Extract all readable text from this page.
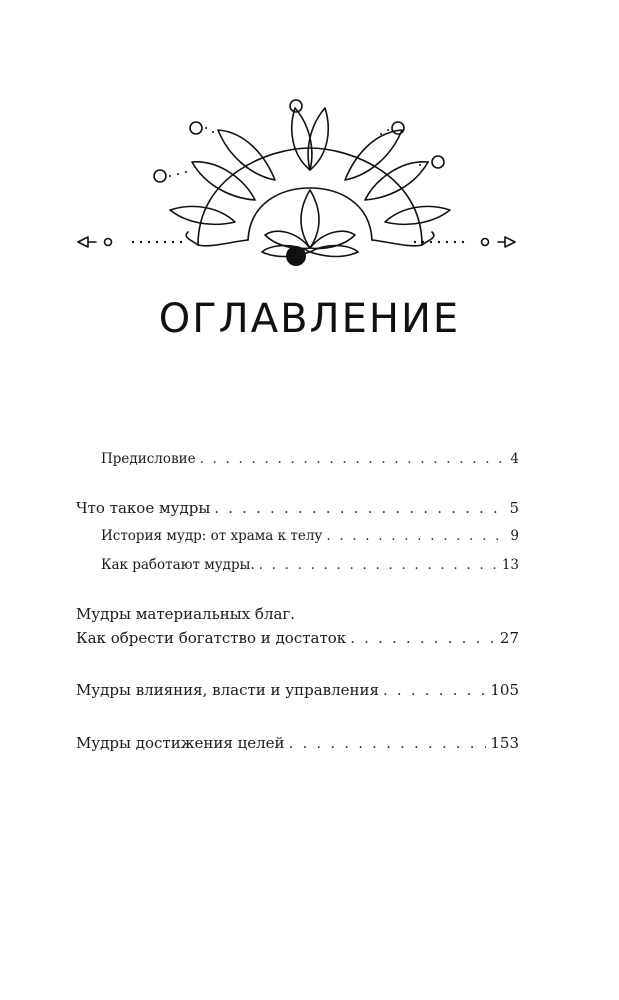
ОГЛАВЛЕНИЕ
Предисловие . . .	4
Что такое мудры . . .	5
История мудр: от храма к телу . . .	9
Как работают мудры. . . .	13
Мудры материальных благ.
Как обрести богатство и достаток . . .	27
Мудры влияния, власти и управления . . .	105
Мудры достижения целей . . .	153
